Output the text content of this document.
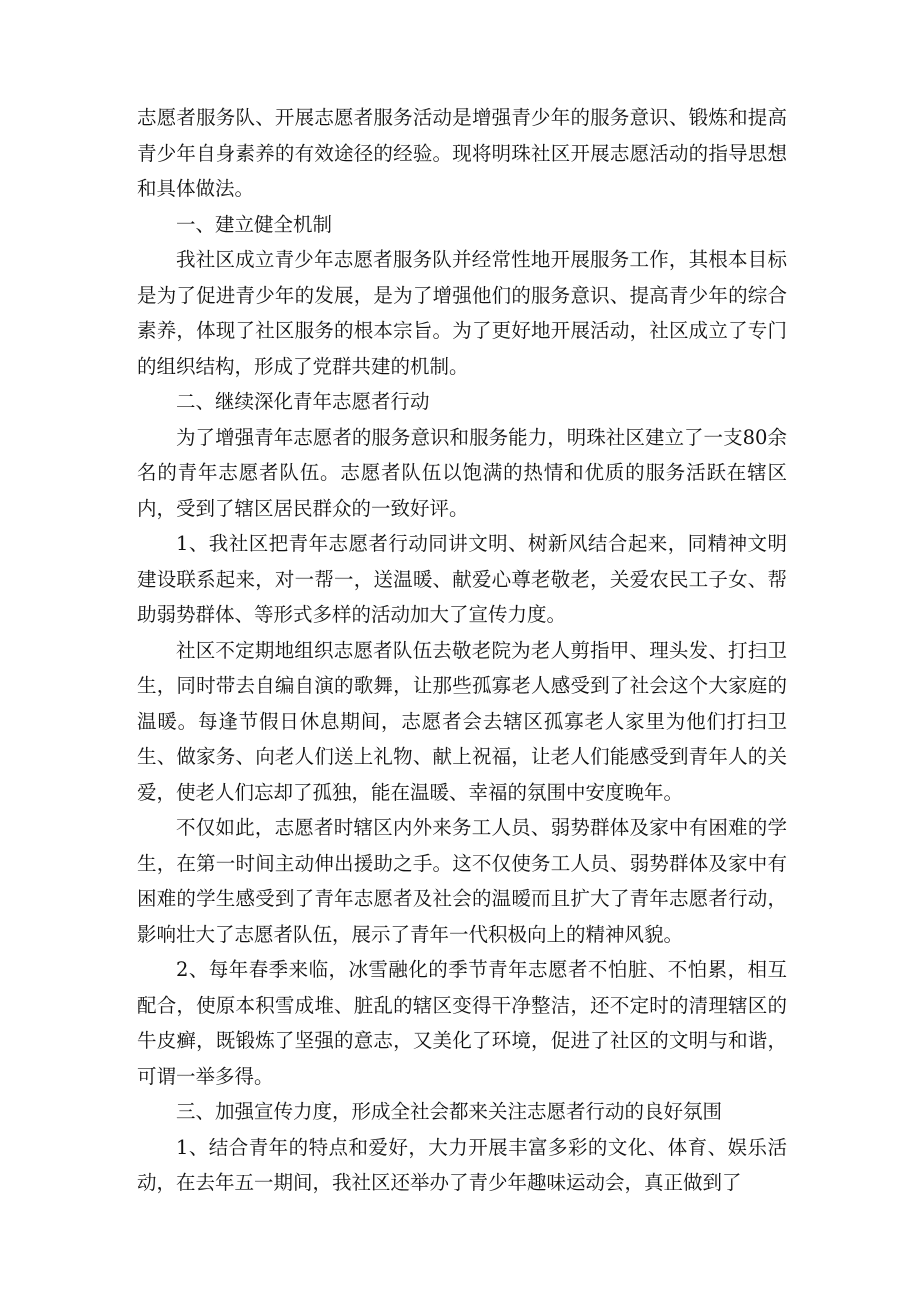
志愿者服务队、开展志愿者服务活动是增强青少年的服务意识、锻炼和提高青少年自身素养的有效途径的经验。现将明珠社区开展志愿活动的指导思想和具体做法。

一、建立健全机制

我社区成立青少年志愿者服务队并经常性地开展服务工作，其根本目标是为了促进青少年的发展，是为了增强他们的服务意识、提高青少年的综合素养，体现了社区服务的根本宗旨。为了更好地开展活动，社区成立了专门的组织结构，形成了党群共建的机制。

二、继续深化青年志愿者行动

为了增强青年志愿者的服务意识和服务能力，明珠社区建立了一支80余名的青年志愿者队伍。志愿者队伍以饱满的热情和优质的服务活跃在辖区内，受到了辖区居民群众的一致好评。

1、我社区把青年志愿者行动同讲文明、树新风结合起来，同精神文明建设联系起来，对一帮一，送温暖、献爱心尊老敬老，关爱农民工子女、帮助弱势群体、等形式多样的活动加大了宣传力度。

社区不定期地组织志愿者队伍去敬老院为老人剪指甲、理头发、打扫卫生，同时带去自编自演的歌舞，让那些孤寡老人感受到了社会这个大家庭的温暖。每逢节假日休息期间，志愿者会去辖区孤寡老人家里为他们打扫卫生、做家务、向老人们送上礼物、献上祝福，让老人们能感受到青年人的关爱，使老人们忘却了孤独，能在温暖、幸福的氛围中安度晚年。

不仅如此，志愿者时辖区内外来务工人员、弱势群体及家中有困难的学生，在第一时间主动伸出援助之手。这不仅使务工人员、弱势群体及家中有困难的学生感受到了青年志愿者及社会的温暧而且扩大了青年志愿者行动，影响壮大了志愿者队伍，展示了青年一代积极向上的精神风貌。

2、每年春季来临，冰雪融化的季节青年志愿者不怕脏、不怕累，相互配合，使原本积雪成堆、脏乱的辖区变得干净整洁，还不定时的清理辖区的牛皮癣，既锻炼了坚强的意志，又美化了环境，促进了社区的文明与和谐，可谓一举多得。

三、加强宣传力度，形成全社会都来关注志愿者行动的良好氛围

1、结合青年的特点和爱好，大力开展丰富多彩的文化、体育、娱乐活动，在去年五一期间，我社区还举办了青少年趣味运动会，真正做到了
